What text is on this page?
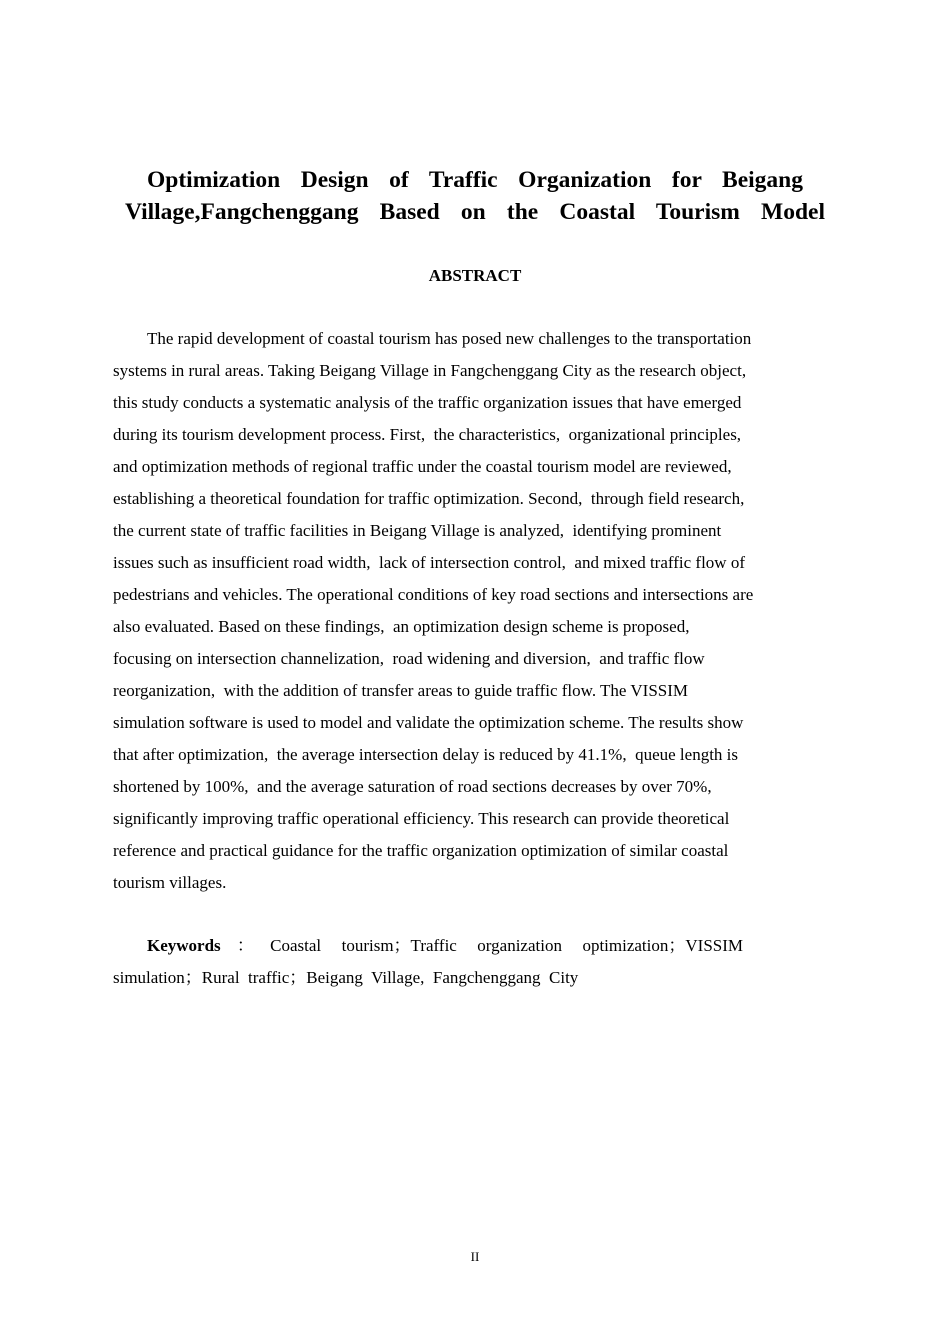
Optimization Design of Traffic Organization for Beigang
Village,Fangchenggang Based on the Coastal Tourism Model
ABSTRACT
The rapid development of coastal tourism has posed new challenges to the transportation
systems in rural areas. Taking Beigang Village in Fangchenggang City as the research object,
this study conducts a systematic analysis of the traffic organization issues that have emerged
during its tourism development process. First,  the characteristics,  organizational principles,
and optimization methods of regional traffic under the coastal tourism model are reviewed,
establishing a theoretical foundation for traffic optimization. Second,  through field research,
the current state of traffic facilities in Beigang Village is analyzed,  identifying prominent
issues such as insufficient road width,  lack of intersection control,  and mixed traffic flow of
pedestrians and vehicles. The operational conditions of key road sections and intersections are
also evaluated. Based on these findings,  an optimization design scheme is proposed,
focusing on intersection channelization,  road widening and diversion,  and traffic flow
reorganization,  with the addition of transfer areas to guide traffic flow. The VISSIM
simulation software is used to model and validate the optimization scheme. The results show
that after optimization,  the average intersection delay is reduced by 41.1%,  queue length is
shortened by 100%,  and the average saturation of road sections decreases by over 70%,
significantly improving traffic operational efficiency. This research can provide theoretical
reference and practical guidance for the traffic organization optimization of similar coastal
tourism villages.
Keywords：Coastal tourism；Traffic organization optimization；VISSIM
simulation；Rural  traffic；Beigang  Village,  Fangchenggang  City
II
